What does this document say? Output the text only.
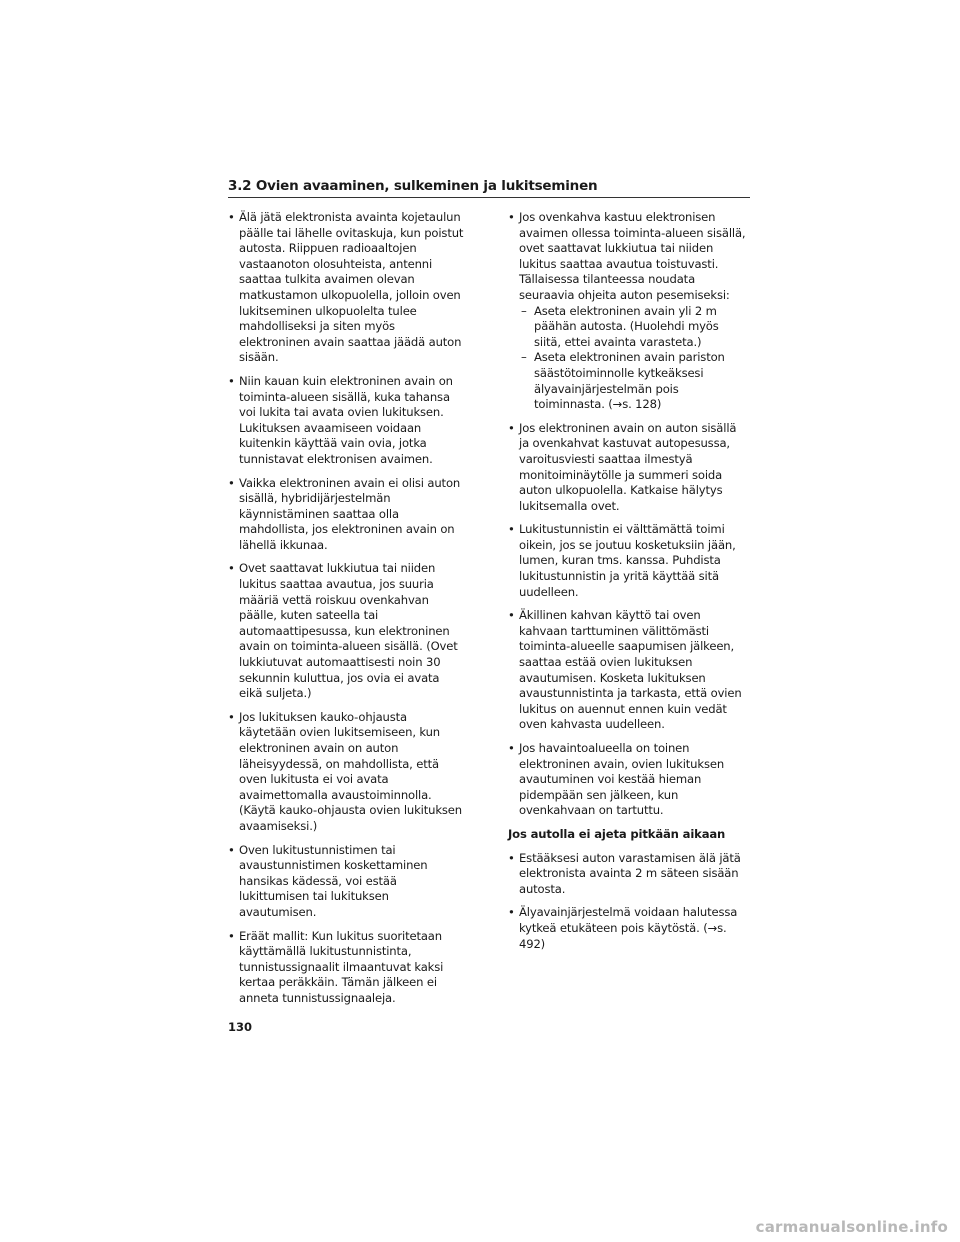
3.2 Ovien avaaminen, sulkeminen ja lukitseminen

• Älä jätä elektronista avainta kojetaulun päälle tai lähelle ovitaskuja, kun poistut autosta. Riippuen radioaaltojen vastaanoton olosuhteista, antenni saattaa tulkita avaimen olevan matkustamon ulkopuolella, jolloin oven lukitseminen ulkopuolelta tulee mahdolliseksi ja siten myös elektroninen avain saattaa jäädä auton sisään.

• Niin kauan kuin elektroninen avain on toiminta-alueen sisällä, kuka tahansa voi lukita tai avata ovien lukituksen. Lukituksen avaamiseen voidaan kuitenkin käyttää vain ovia, jotka tunnistavat elektronisen avaimen.

• Vaikka elektroninen avain ei olisi auton sisällä, hybridijärjestelmän käynnistäminen saattaa olla mahdollista, jos elektroninen avain on lähellä ikkunaa.

• Ovet saattavat lukkiutua tai niiden lukitus saattaa avautua, jos suuria määriä vettä roiskuu ovenkahvan päälle, kuten sateella tai automaattipesussa, kun elektroninen avain on toiminta-alueen sisällä. (Ovet lukkiutuvat automaattisesti noin 30 sekunnin kuluttua, jos ovia ei avata eikä suljeta.)

• Jos lukituksen kauko-ohjausta käytetään ovien lukitsemiseen, kun elektroninen avain on auton läheisyydessä, on mahdollista, että oven lukitusta ei voi avata avaimettomalla avaustoiminnolla. (Käytä kauko-ohjausta ovien lukituksen avaamiseksi.)

• Oven lukitustunnistimen tai avaustunnistimen koskettaminen hansikas kädessä, voi estää lukittumisen tai lukituksen avautumisen.

• Eräät mallit: Kun lukitus suoritetaan käyttämällä lukitustunnistinta, tunnistussignaalit ilmaantuvat kaksi kertaa peräkkäin. Tämän jälkeen ei anneta tunnistussignaaleja.

• Jos ovenkahva kastuu elektronisen avaimen ollessa toiminta-alueen sisällä, ovet saattavat lukkiutua tai niiden lukitus saattaa avautua toistuvasti. Tällaisessa tilanteessa noudata seuraavia ohjeita auton pesemiseksi:
– Aseta elektroninen avain yli 2 m päähän autosta. (Huolehdi myös siitä, ettei avainta varasteta.)
– Aseta elektroninen avain pariston säästötoiminnolle kytkeäksesi älyavainjärjestelmän pois toiminnasta. (→s. 128)

• Jos elektroninen avain on auton sisällä ja ovenkahvat kastuvat autopesussa, varoitusviesti saattaa ilmestyä monitoiminäytölle ja summeri soida auton ulkopuolella. Katkaise hälytys lukitsemalla ovet.

• Lukitustunnistin ei välttämättä toimi oikein, jos se joutuu kosketuksiin jään, lumen, kuran tms. kanssa. Puhdista lukitustunnistin ja yritä käyttää sitä uudelleen.

• Äkillinen kahvan käyttö tai oven kahvaan tarttuminen välittömästi toiminta-alueelle saapumisen jälkeen, saattaa estää ovien lukituksen avautumisen. Kosketa lukituksen avaustunnistinta ja tarkasta, että ovien lukitus on auennut ennen kuin vedät oven kahvasta uudelleen.

• Jos havaintoalueella on toinen elektroninen avain, ovien lukituksen avautuminen voi kestää hieman pidempään sen jälkeen, kun ovenkahvaan on tartuttu.

Jos autolla ei ajeta pitkään aikaan

• Estääksesi auton varastamisen älä jätä elektronista avainta 2 m säteen sisään autosta.

• Älyavainjärjestelmä voidaan halutessa kytkeä etukäteen pois käytöstä. (→s. 492)

130
carmanualsonline.info
